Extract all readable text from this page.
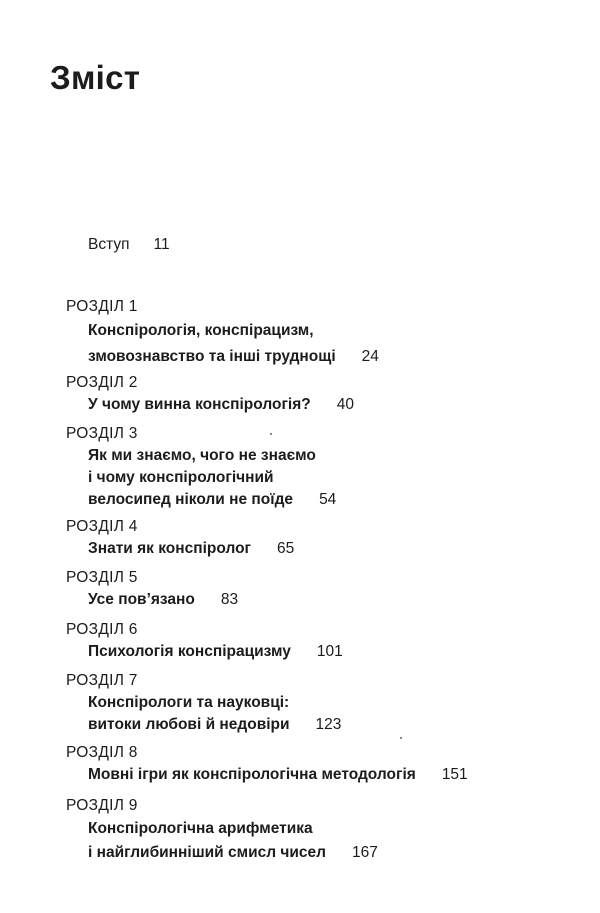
Зміст
Вступ 11
РОЗДІЛ 1
Конспірологія, конспірацизм,
змовознавство та інші труднощі 24
РОЗДІЛ 2
У чому винна конспірологія? 40
РОЗДІЛ 3
Як ми знаємо, чого не знаємо
і чому конспірологічний
велосипед ніколи не поїде 54
РОЗДІЛ 4
Знати як конспіролог 65
РОЗДІЛ 5
Усе пов’язано 83
РОЗДІЛ 6
Психологія конспірацизму 101
РОЗДІЛ 7
Конспірологи та науковці:
витоки любові й недовіри 123
РОЗДІЛ 8
Мовні ігри як конспірологічна методологія 151
РОЗДІЛ 9
Конспірологічна арифметика
і найглибинніший смисл чисел 167
